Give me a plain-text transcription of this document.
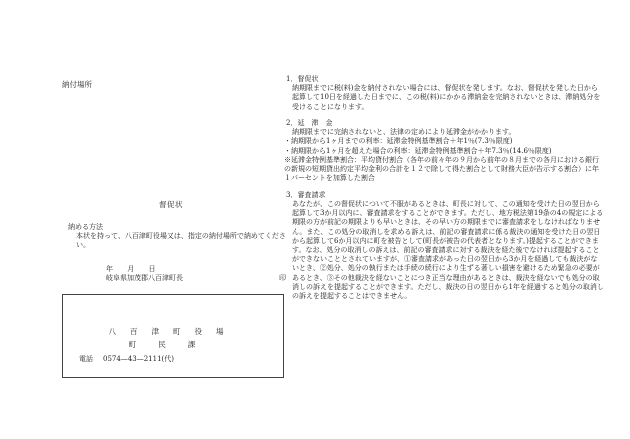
納付場所
督促状
納める方法
本状を持って、八百津町役場又は、指定の納付場所で納めてください。
年 月 日
岐阜県加茂郡八百津町長	印
八百津町役場
町民課
電話 0574—43—2111(代)
1．督促状

納期限までに税(料)金を納付されない場合には、督促状を発します。なお、督促状を発した日から起算して10日を経過した日までに、この税(料)にかかる滞納金を完納されないときは、滞納処分を受けることになります。

2．延　滞　金

納期限までに完納されないと、法律の定めにより延滞金がかかります。

・納期限から1ヶ月までの利率：延滞金特例基準割合＋年1％(7.3％限度)

・納期限から1ヶ月を超えた場合の利率：延滞金特例基準割合＋年7.3％(14.6％限度)

※延滞金特例基準割合：平均貸付割合（各年の前々年の９月から前年の８月までの各月における銀行の新規の短期貸出約定平均金利の合計を１２で除して得た割合として財務大臣が告示する割合）に年１パーセントを加算した割合

3．審査請求

あなたが、この督促状について不服があるときは、町長に対して、この通知を受けた日の翌日から起算して3か月以内に、審査請求をすることができます。ただし、地方税法第19条の4の規定による期限の方が前記の期限よりも早いときは、その早い方の期限までに審査請求をしなければなりません。また、この処分の取消しを求める訴えは、前記の審査請求に係る裁決の通知を受けた日の翌日から起算して6か月以内に町を被告として(町長が被告の代表者となります。)提起することができます。なお、処分の取消しの訴えは、前記の審査請求に対する裁決を経た後でなければ提起することができないこととされていますが、①審査請求があった日の翌日から3か月を経過しても裁決がないとき、②処分、処分の執行または手続の続行により生ずる著しい損害を避けるため緊急の必要があるとき、③その他裁決を経ないことにつき正当な理由があるときは、裁決を経ないでも処分の取消しの訴えを提起することができます。ただし、裁決の日の翌日から1年を経過すると処分の取消しの訴えを提起することはできません。
